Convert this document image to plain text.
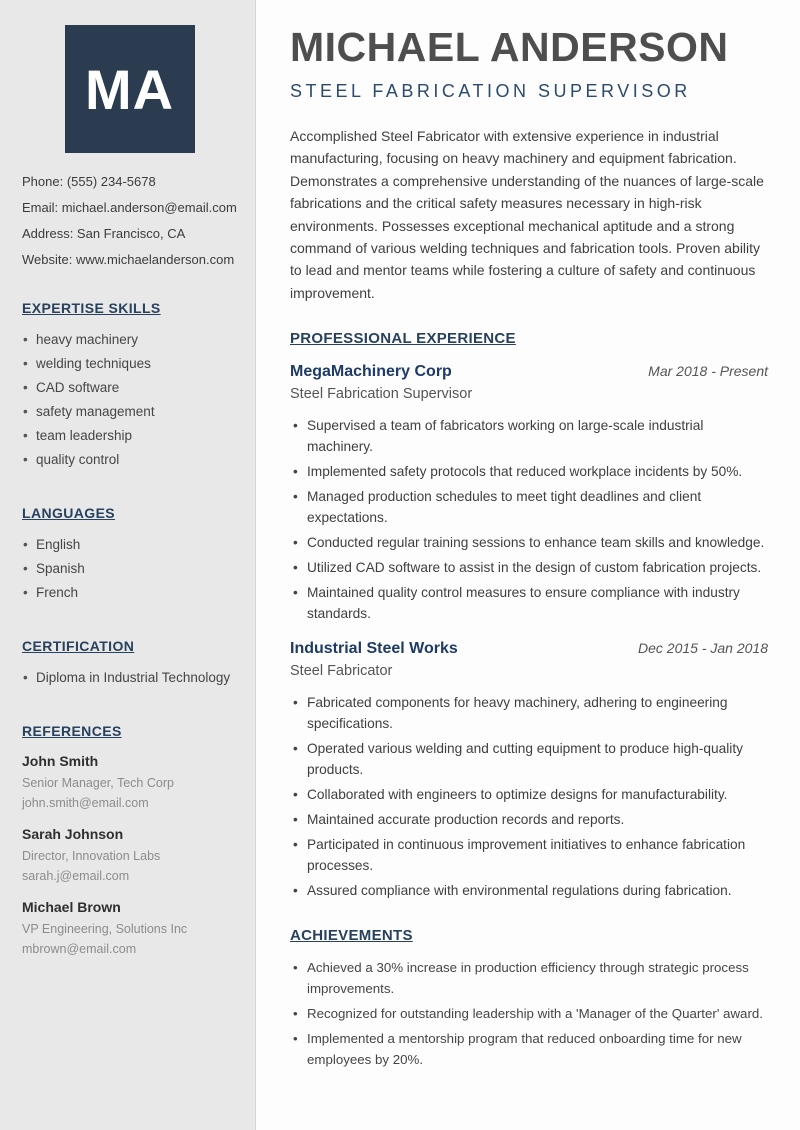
MA

Phone: (555) 234-5678

Email: michael.anderson@email.com

Address: San Francisco, CA

Website: www.michaelanderson.com

EXPERTISE SKILLS
• heavy machinery
• welding techniques
• CAD software
• safety management
• team leadership
• quality control
LANGUAGES
• English
• Spanish
• French
CERTIFICATION
• Diploma in Industrial Technology
REFERENCES

John Smith

Senior Manager, Tech Corp

john.smith@email.com

Sarah Johnson

Director, Innovation Labs

sarah.j@email.com

Michael Brown

VP Engineering, Solutions Inc

mbrown@email.com

MICHAEL ANDERSON
STEEL FABRICATION SUPERVISOR

Accomplished Steel Fabricator with extensive experience in industrial manufacturing, focusing on heavy machinery and equipment fabrication. Demonstrates a comprehensive understanding of the nuances of large-scale fabrications and the critical safety measures necessary in high-risk environments. Possesses exceptional mechanical aptitude and a strong command of various welding techniques and fabrication tools. Proven ability to lead and mentor teams while fostering a culture of safety and continuous improvement.

PROFESSIONAL EXPERIENCE
MegaMachinery Corp	Mar 2018 - Present

Steel Fabrication Supervisor

• Supervised a team of fabricators working on large-scale industrial machinery.
• Implemented safety protocols that reduced workplace incidents by 50%.
• Managed production schedules to meet tight deadlines and client expectations.
• Conducted regular training sessions to enhance team skills and knowledge.
• Utilized CAD software to assist in the design of custom fabrication projects.
• Maintained quality control measures to ensure compliance with industry standards.
Industrial Steel Works	Dec 2015 - Jan 2018

Steel Fabricator

• Fabricated components for heavy machinery, adhering to engineering specifications.
• Operated various welding and cutting equipment to produce high-quality products.
• Collaborated with engineers to optimize designs for manufacturability.
• Maintained accurate production records and reports.
• Participated in continuous improvement initiatives to enhance fabrication processes.
• Assured compliance with environmental regulations during fabrication.
ACHIEVEMENTS
• Achieved a 30% increase in production efficiency through strategic process improvements.
• Recognized for outstanding leadership with a 'Manager of the Quarter' award.
• Implemented a mentorship program that reduced onboarding time for new employees by 20%.
